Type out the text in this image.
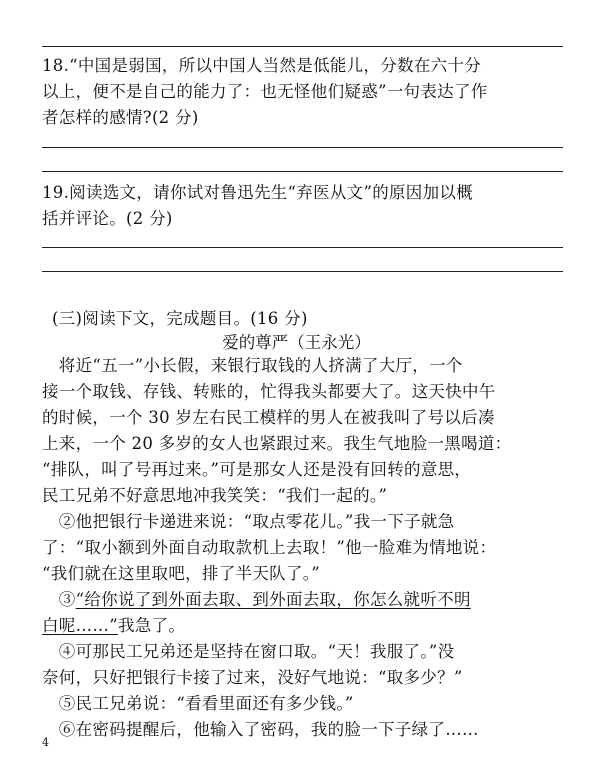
18.“中国是弱国，所以中国人当然是低能儿，分数在六十分
以上，便不是自己的能力了：也无怪他们疑惑”一句表达了作
者怎样的感情?(2 分)
19.阅读选文，请你试对鲁迅先生“弃医从文”的原因加以概
括并评论。(2 分)
(三)阅读下文，完成题目。(16 分)
爱的尊严（王永光）
　将近“五一”小长假，来银行取钱的人挤满了大厅，一个
接一个取钱、存钱、转账的，忙得我头都要大了。这天快中午
的时候，一个 30 岁左右民工模样的男人在被我叫了号以后凑
上来，一个 20 多岁的女人也紧跟过来。我生气地脸一黑喝道：
“排队，叫了号再过来。”可是那女人还是没有回转的意思，
民工兄弟不好意思地冲我笑笑：“我们一起的。”
　②他把银行卡递进来说：“取点零花儿。”我一下子就急
了：“取小额到外面自动取款机上去取！”他一脸难为情地说：
“我们就在这里取吧，排了半天队了。”
　③“给你说了到外面去取、到外面去取，你怎么就听不明
白呢……”我急了。
　④可那民工兄弟还是坚持在窗口取。“天！我服了。”没
奈何，只好把银行卡接了过来，没好气地说：“取多少？”
　⑤民工兄弟说：“看看里面还有多少钱。”
　⑥在密码提醒后，他输入了密码，我的脸一下子绿了……
4
